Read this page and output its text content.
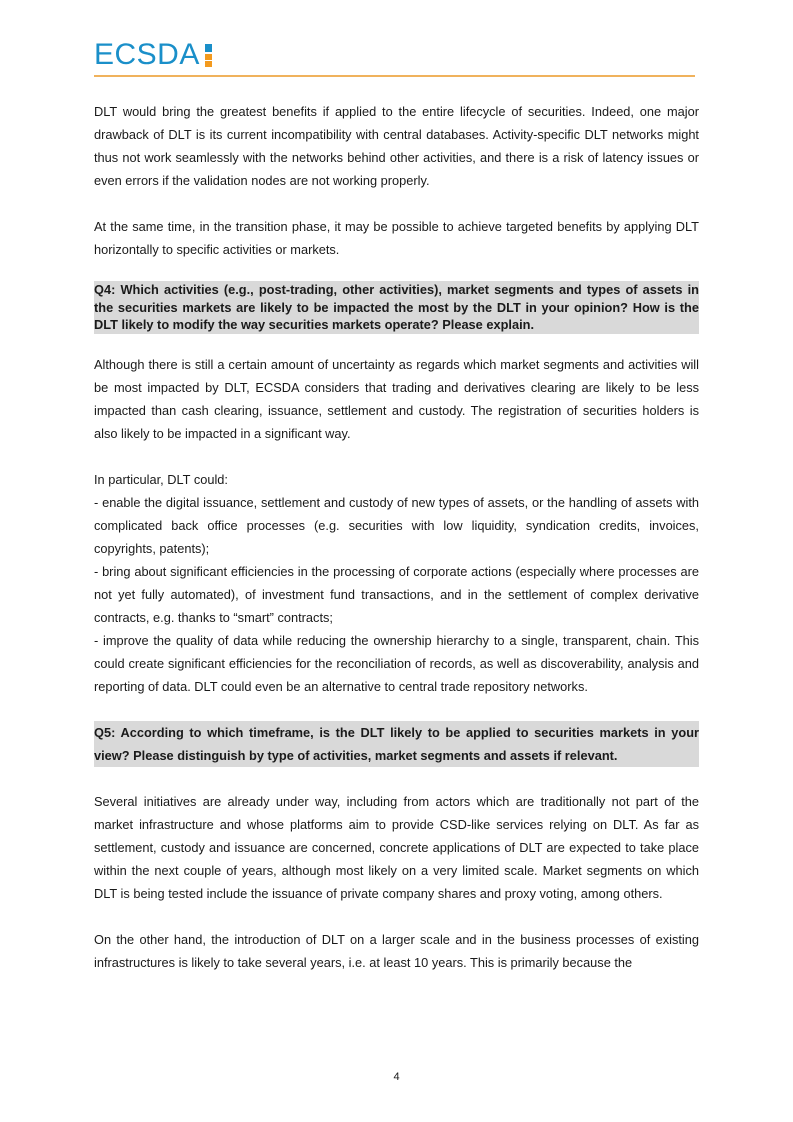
ECSDA

DLT would bring the greatest benefits if applied to the entire lifecycle of securities. Indeed, one major drawback of DLT is its current incompatibility with central databases. Activity-specific DLT networks might thus not work seamlessly with the networks behind other activities, and there is a risk of latency issues or even errors if the validation nodes are not working properly.

At the same time, in the transition phase, it may be possible to achieve targeted benefits by applying DLT horizontally to specific activities or markets.

Q4: Which activities (e.g., post-trading, other activities), market segments and types of assets in the securities markets are likely to be impacted the most by the DLT in your opinion? How is the DLT likely to modify the way securities markets operate? Please explain.

Although there is still a certain amount of uncertainty as regards which market segments and activities will be most impacted by DLT, ECSDA considers that trading and derivatives clearing are likely to be less impacted than cash clearing, issuance, settlement and custody. The registration of securities holders is also likely to be impacted in a significant way.

In particular, DLT could:

- enable the digital issuance, settlement and custody of new types of assets, or the handling of assets with complicated back office processes (e.g. securities with low liquidity, syndication credits, invoices, copyrights, patents);

- bring about significant efficiencies in the processing of corporate actions (especially where processes are not yet fully automated), of investment fund transactions, and in the settlement of complex derivative contracts, e.g. thanks to “smart” contracts;

- improve the quality of data while reducing the ownership hierarchy to a single, transparent, chain. This could create significant efficiencies for the reconciliation of records, as well as discoverability, analysis and reporting of data. DLT could even be an alternative to central trade repository networks.

Q5: According to which timeframe, is the DLT likely to be applied to securities markets in your view? Please distinguish by type of activities, market segments and assets if relevant.

Several initiatives are already under way, including from actors which are traditionally not part of the market infrastructure and whose platforms aim to provide CSD-like services relying on DLT. As far as settlement, custody and issuance are concerned, concrete applications of DLT are expected to take place within the next couple of years, although most likely on a very limited scale. Market segments on which DLT is being tested include the issuance of private company shares and proxy voting, among others.

On the other hand, the introduction of DLT on a larger scale and in the business processes of existing infrastructures is likely to take several years, i.e. at least 10 years. This is primarily because the

4
